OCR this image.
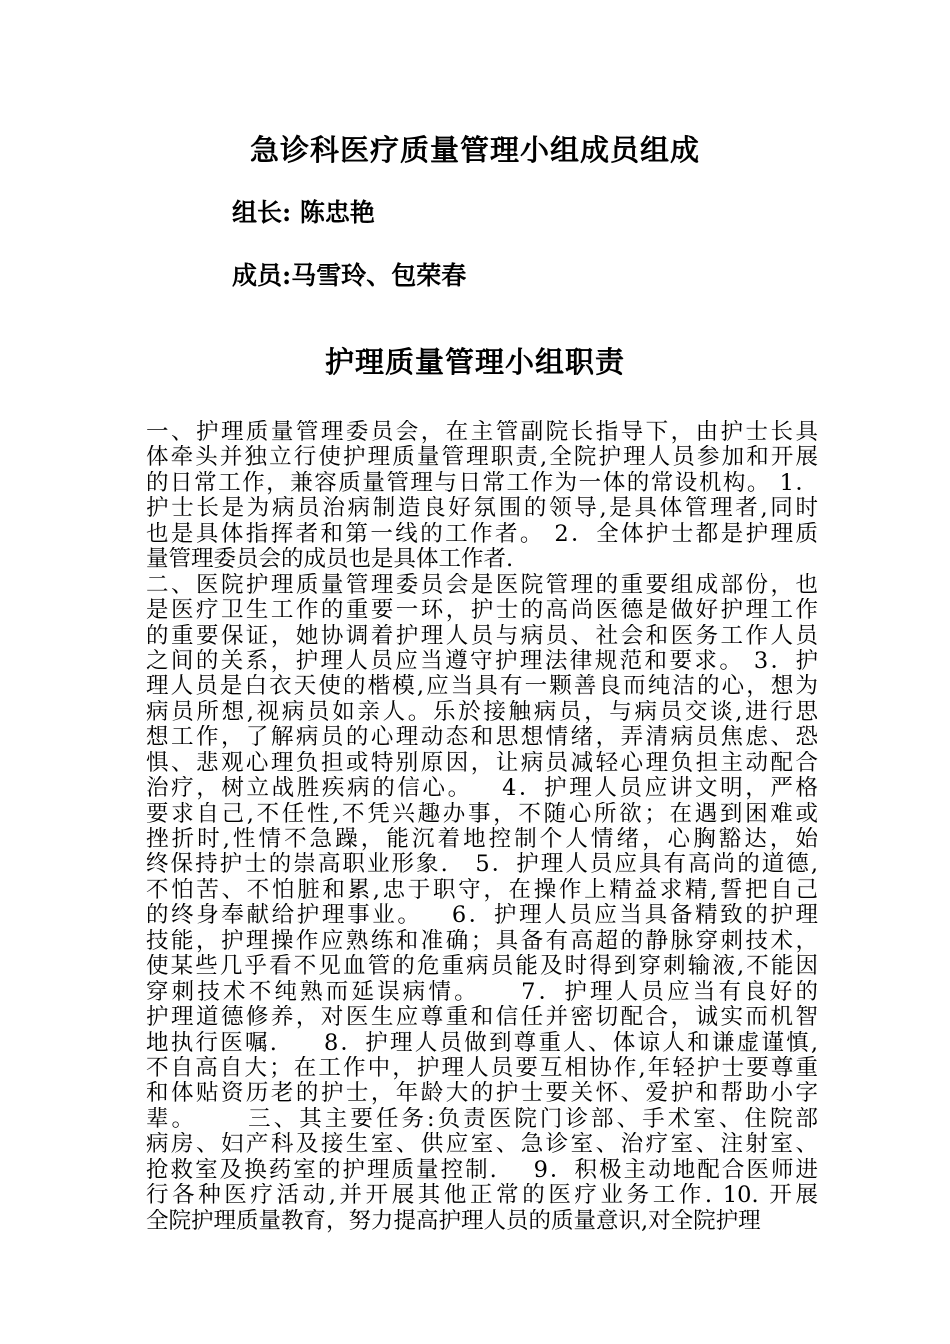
急诊科医疗质量管理小组成员组成

组长: 陈忠艳

成员:马雪玲、包荣春

护理质量管理小组职责
一、护理质量管理委员会，在主管副院长指导下，由护士长具
体牵头并独立行使护理质量管理职责,全院护理人员参加和开展
的日常工作，兼容质量管理与日常工作为一体的常设机构。 1．
护士长是为病员治病制造良好氛围的领导,是具体管理者,同时
也是具体指挥者和第一线的工作者。 2．全体护士都是护理质
量管理委员会的成员也是具体工作者.
二、医院护理质量管理委员会是医院管理的重要组成部份，也
是医疗卫生工作的重要一环，护士的高尚医德是做好护理工作
的重要保证，她协调着护理人员与病员、社会和医务工作人员
之间的关系，护理人员应当遵守护理法律规范和要求。 3．护
理人员是白衣天使的楷模,应当具有一颗善良而纯洁的心，想为
病员所想,视病员如亲人。乐於接触病员，与病员交谈,进行思
想工作，了解病员的心理动态和思想情绪，弄清病员焦虑、恐
惧、悲观心理负担或特别原因，让病员减轻心理负担主动配合
治疗，树立战胜疾病的信心。   4．护理人员应讲文明，严格
要求自己,不任性,不凭兴趣办事，不随心所欲；在遇到困难或
挫折时,性情不急躁，能沉着地控制个人情绪，心胸豁达，始
终保持护士的崇高职业形象.   5．护理人员应具有高尚的道德,
不怕苦、不怕脏和累,忠于职守，在操作上精益求精,誓把自己
的终身奉献给护理事业。   6．护理人员应当具备精致的护理
技能，护理操作应熟练和准确；具备有高超的静脉穿刺技术，
使某些几乎看不见血管的危重病员能及时得到穿刺输液,不能因
穿刺技术不纯熟而延误病情。    7．护理人员应当有良好的
护理道德修养，对医生应尊重和信任并密切配合，诚实而机智
地执行医嘱.     8．护理人员做到尊重人、体谅人和谦虚谨慎,
不自高自大；在工作中，护理人员要互相协作,年轻护士要尊重
和体贴资历老的护士，年龄大的护士要关怀、爱护和帮助小字
辈。     三、其主要任务:负责医院门诊部、手术室、住院部
病房、妇产科及接生室、供应室、急诊室、治疗室、注射室、
抢救室及换药室的护理质量控制.    9．积极主动地配合医师进
行各种医疗活动,并开展其他正常的医疗业务工作. 10. 开展
全院护理质量教育，努力提高护理人员的质量意识,对全院护理
